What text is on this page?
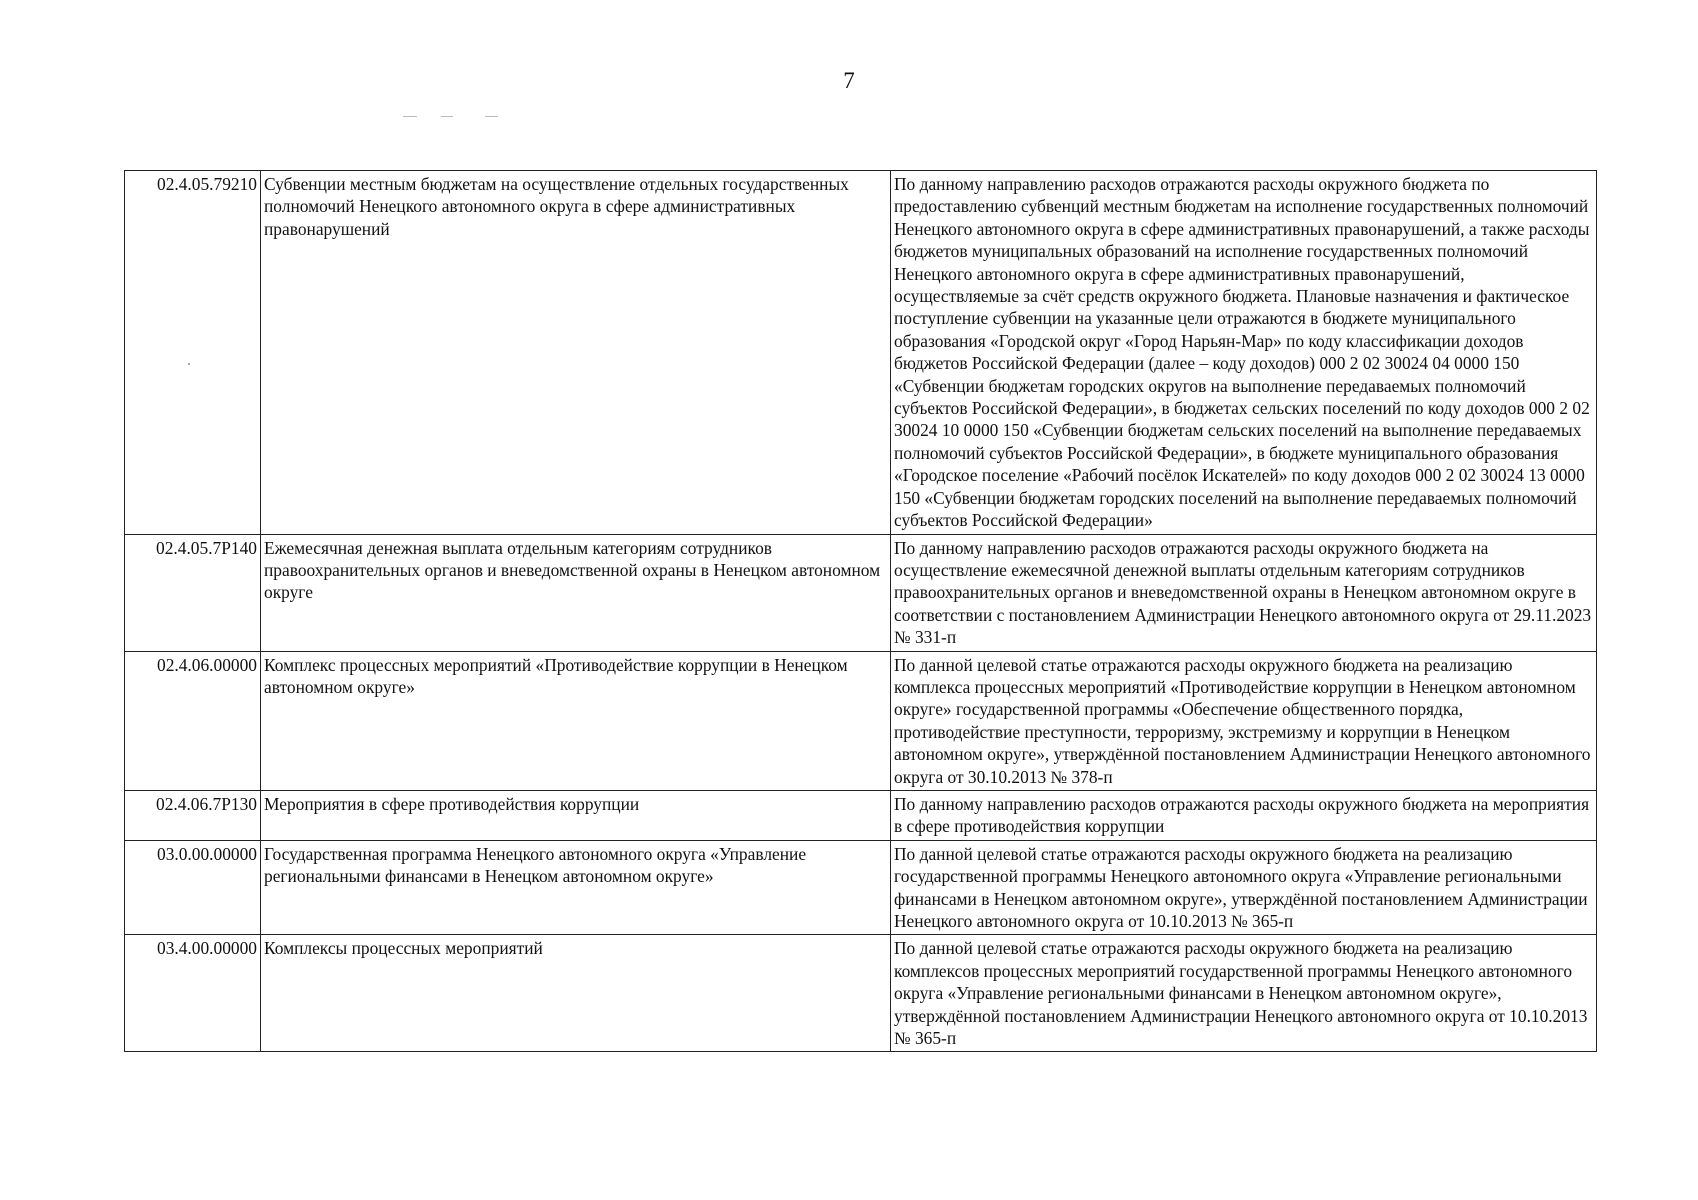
7
02.4.05.79210	Субвенции местным бюджетам на осуществление отдельных государственных полномочий Ненецкого автономного округа в сфере административных правонарушений	По данному направлению расходов отражаются расходы окружного бюджета по предоставлению субвенций местным бюджетам на исполнение государственных полномочий Ненецкого автономного округа в сфере административных правонарушений, а также расходы бюджетов муниципальных образований на исполнение государственных полномочий Ненецкого автономного округа в сфере административных правонарушений, осуществляемые за счёт средств окружного бюджета. Плановые назначения и фактическое поступление субвенции на указанные цели отражаются в бюджете муниципального образования «Городской округ «Город Нарьян-Мар» по коду классификации доходов бюджетов Российской Федерации (далее – коду доходов) 000 2 02 30024 04 0000 150 «Субвенции бюджетам городских округов на выполнение передаваемых полномочий субъектов Российской Федерации», в бюджетах сельских поселений по коду доходов 000 2 02 30024 10 0000 150 «Субвенции бюджетам сельских поселений на выполнение передаваемых полномочий субъектов Российской Федерации», в бюджете муниципального образования «Городское поселение «Рабочий посёлок Искателей» по коду доходов 000 2 02 30024 13 0000 150 «Субвенции бюджетам городских поселений на выполнение передаваемых полномочий субъектов Российской Федерации»
02.4.05.7Р140	Ежемесячная денежная выплата отдельным категориям сотрудников правоохранительных органов и вневедомственной охраны в Ненецком автономном округе	По данному направлению расходов отражаются расходы окружного бюджета на осуществление ежемесячной денежной выплаты отдельным категориям сотрудников правоохранительных органов и вневедомственной охраны в Ненецком автономном округе в соответствии с постановлением Администрации Ненецкого автономного округа от 29.11.2023 № 331-п
02.4.06.00000	Комплекс процессных мероприятий «Противодействие коррупции в Ненецком автономном округе»	По данной целевой статье отражаются расходы окружного бюджета на реализацию комплекса процессных мероприятий «Противодействие коррупции в Ненецком автономном округе» государственной программы «Обеспечение общественного порядка, противодействие преступности, терроризму, экстремизму и коррупции в Ненецком автономном округе», утверждённой постановлением Администрации Ненецкого автономного округа от 30.10.2013 № 378-п
02.4.06.7Р130	Мероприятия в сфере противодействия коррупции	По данному направлению расходов отражаются расходы окружного бюджета на мероприятия в сфере противодействия коррупции
03.0.00.00000	Государственная программа Ненецкого автономного округа «Управление региональными финансами в Ненецком автономном округе»	По данной целевой статье отражаются расходы окружного бюджета на реализацию государственной программы Ненецкого автономного округа «Управление региональными финансами в Ненецком автономном округе», утверждённой постановлением Администрации Ненецкого автономного округа от 10.10.2013 № 365-п
03.4.00.00000	Комплексы процессных мероприятий	По данной целевой статье отражаются расходы окружного бюджета на реализацию комплексов процессных мероприятий государственной программы Ненецкого автономного округа «Управление региональными финансами в Ненецком автономном округе», утверждённой постановлением Администрации Ненецкого автономного округа от 10.10.2013 № 365-п
